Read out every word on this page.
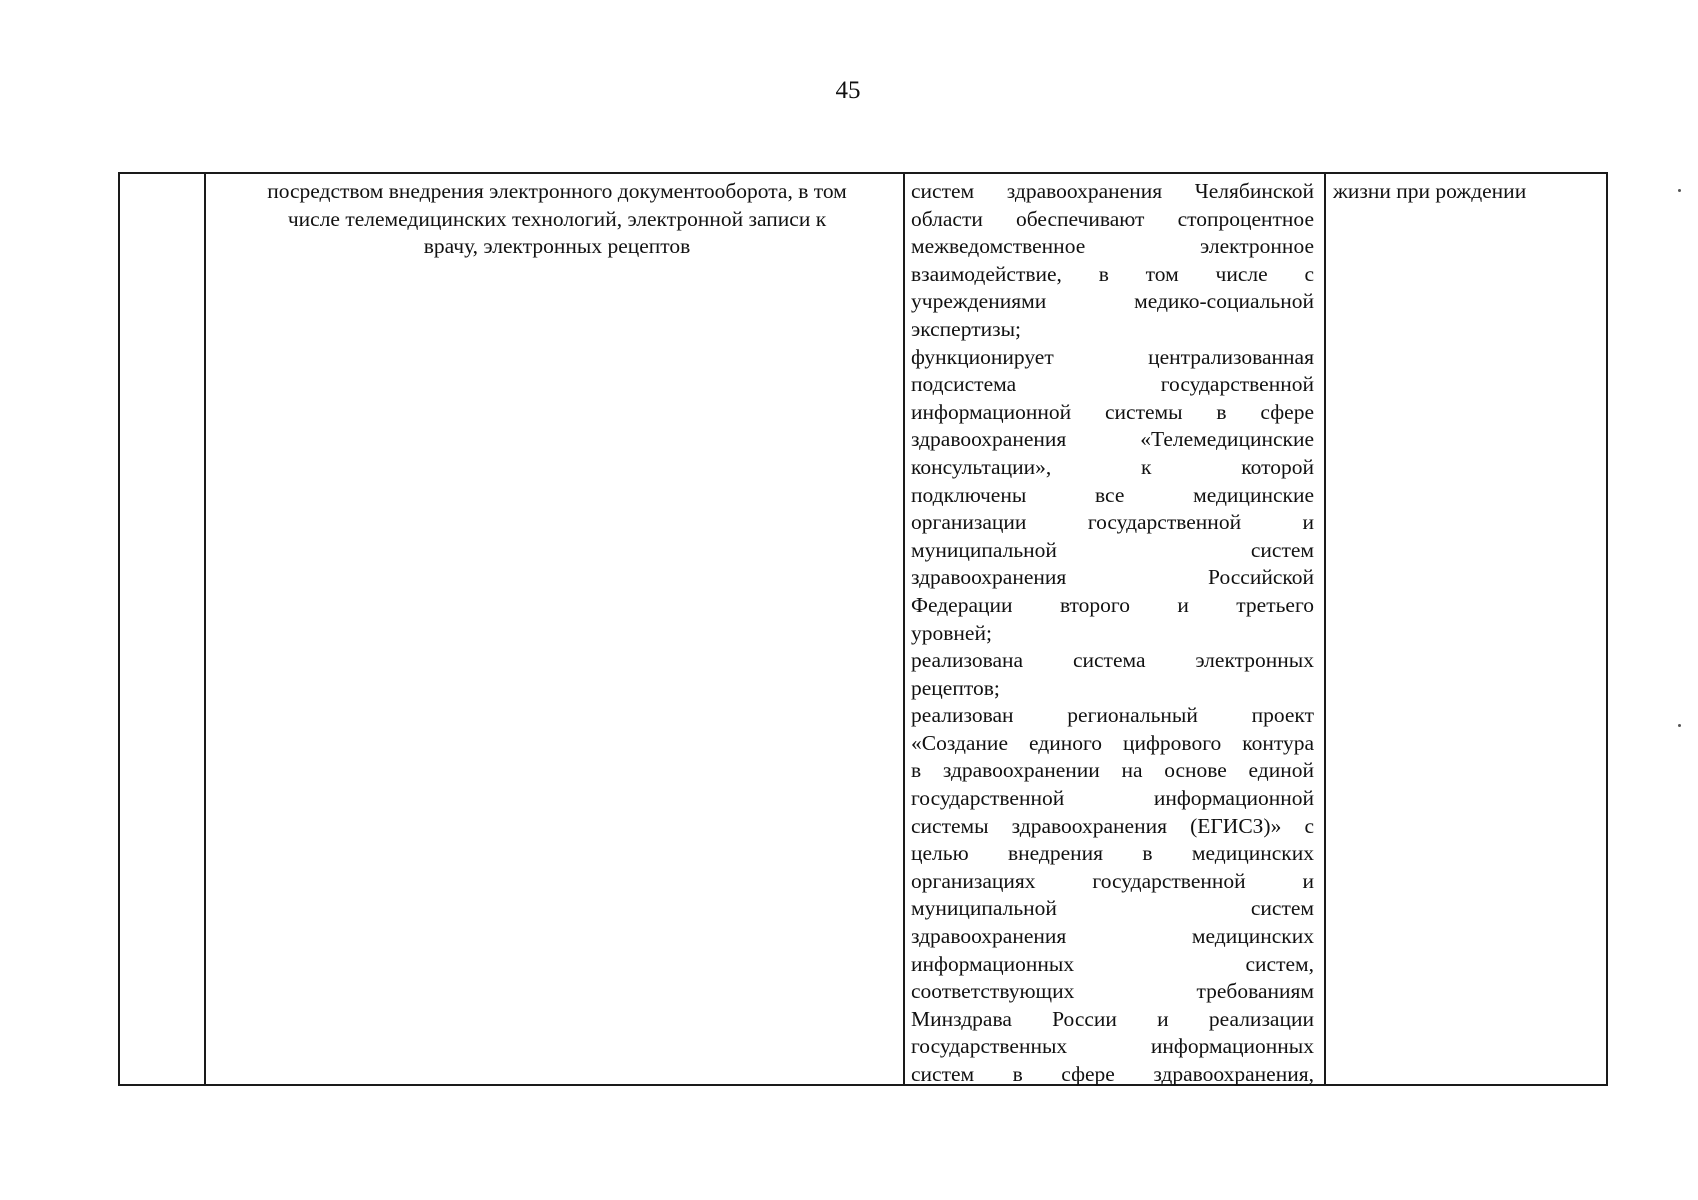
45
посредством внедрения электронного документооборота, в том
числе телемедицинских технологий, электронной записи к
врачу, электронных рецептов
систем здравоохранения Челябинской
области обеспечивают стопроцентное
межведомственное электронное
взаимодействие, в том числе с
учреждениями медико-социальной
экспертизы;
функционирует централизованная
подсистема государственной
информационной системы в сфере
здравоохранения «Телемедицинские
консультации», к которой
подключены все медицинские
организации государственной и
муниципальной систем
здравоохранения Российской
Федерации второго и третьего
уровней;
реализована система электронных
рецептов;
реализован региональный проект
«Создание единого цифрового контура
в здравоохранении на основе единой
государственной информационной
системы здравоохранения (ЕГИСЗ)» с
целью внедрения в медицинских
организациях государственной и
муниципальной систем
здравоохранения медицинских
информационных систем,
соответствующих требованиям
Минздрава России и реализации
государственных информационных
систем в сфере здравоохранения,
жизни при рождении
